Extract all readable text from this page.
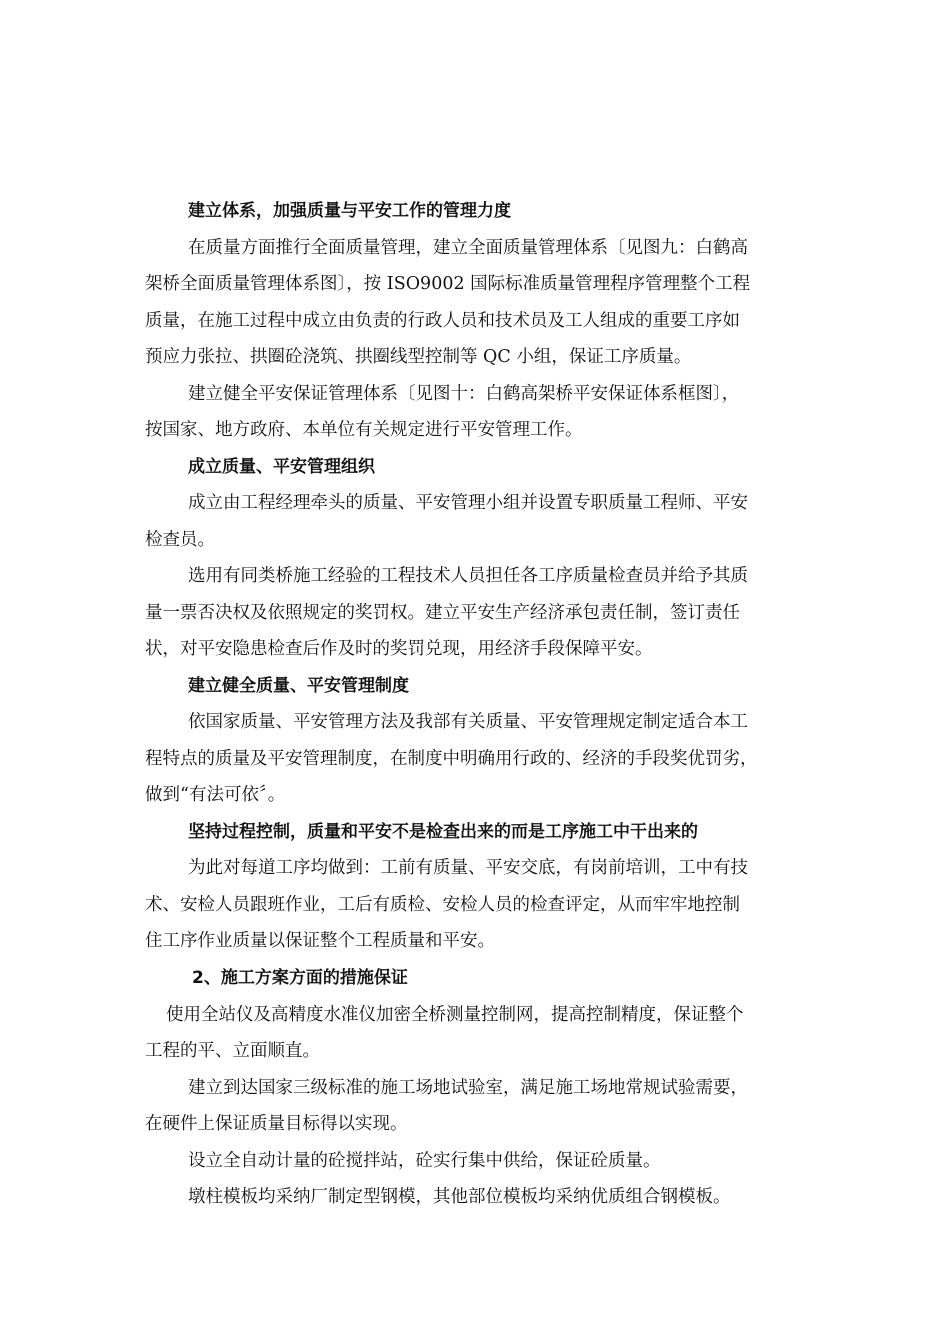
建立体系，加强质量与平安工作的管理力度
在质量方面推行全面质量管理，建立全面质量管理体系〔见图九：白鹤高
架桥全面质量管理体系图〕，按 ISO9002 国际标准质量管理程序管理整个工程
质量，在施工过程中成立由负责的行政人员和技术员及工人组成的重要工序如
预应力张拉、拱圈砼浇筑、拱圈线型控制等 QC 小组，保证工序质量。
建立健全平安保证管理体系〔见图十：白鹤高架桥平安保证体系框图〕，
按国家、地方政府、本单位有关规定进行平安管理工作。
成立质量、平安管理组织
成立由工程经理牵头的质量、平安管理小组并设置专职质量工程师、平安
检查员。
选用有同类桥施工经验的工程技术人员担任各工序质量检查员并给予其质
量一票否决权及依照规定的奖罚权。建立平安生产经济承包责任制，签订责任
状，对平安隐患检查后作及时的奖罚兑现，用经济手段保障平安。
建立健全质量、平安管理制度
依国家质量、平安管理方法及我部有关质量、平安管理规定制定适合本工
程特点的质量及平安管理制度，在制度中明确用行政的、经济的手段奖优罚劣，
做到“有法可依〞。
坚持过程控制，质量和平安不是检查出来的而是工序施工中干出来的
为此对每道工序均做到：工前有质量、平安交底，有岗前培训，工中有技
术、安检人员跟班作业，工后有质检、安检人员的检查评定，从而牢牢地控制
住工序作业质量以保证整个工程质量和平安。
2、施工方案方面的措施保证
使用全站仪及高精度水准仪加密全桥测量控制网，提高控制精度，保证整个
工程的平、立面顺直。
建立到达国家三级标准的施工场地试验室，满足施工场地常规试验需要，
在硬件上保证质量目标得以实现。
设立全自动计量的砼搅拌站，砼实行集中供给，保证砼质量。
墩柱模板均采纳厂制定型钢模，其他部位模板均采纳优质组合钢模板。
